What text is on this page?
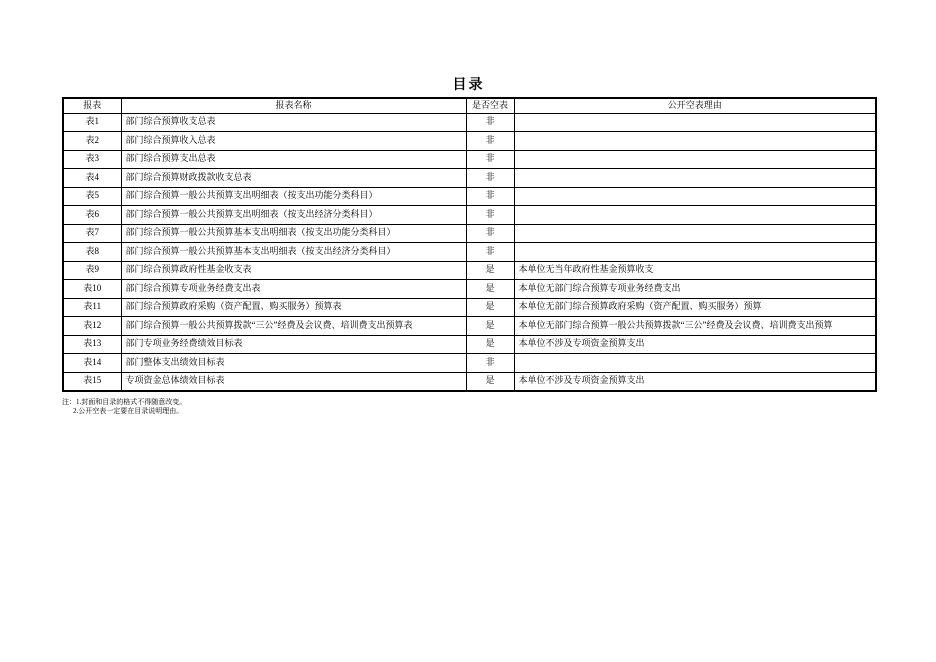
目录
报表	报表名称	是否空表	公开空表理由
表1	部门综合预算收支总表	非	
表2	部门综合预算收入总表	非	
表3	部门综合预算支出总表	非	
表4	部门综合预算财政拨款收支总表	非	
表5	部门综合预算一般公共预算支出明细表（按支出功能分类科目）	非	
表6	部门综合预算一般公共预算支出明细表（按支出经济分类科目）	非	
表7	部门综合预算一般公共预算基本支出明细表（按支出功能分类科目）	非	
表8	部门综合预算一般公共预算基本支出明细表（按支出经济分类科目）	非	
表9	部门综合预算政府性基金收支表	是	本单位无当年政府性基金预算收支
表10	部门综合预算专项业务经费支出表	是	本单位无部门综合预算专项业务经费支出
表11	部门综合预算政府采购（资产配置、购买服务）预算表	是	本单位无部门综合预算政府采购（资产配置、购买服务）预算
表12	部门综合预算一般公共预算拨款“三公”经费及会议费、培训费支出预算表	是	本单位无部门综合预算一般公共预算拨款“三公”经费及会议费、培训费支出预算
表13	部门专项业务经费绩效目标表	是	本单位不涉及专项资金预算支出
表14	部门整体支出绩效目标表	非	
表15	专项资金总体绩效目标表	是	本单位不涉及专项资金预算支出
注：1.封面和目录的格式不得随意改变。
2.公开空表一定要在目录说明理由。
